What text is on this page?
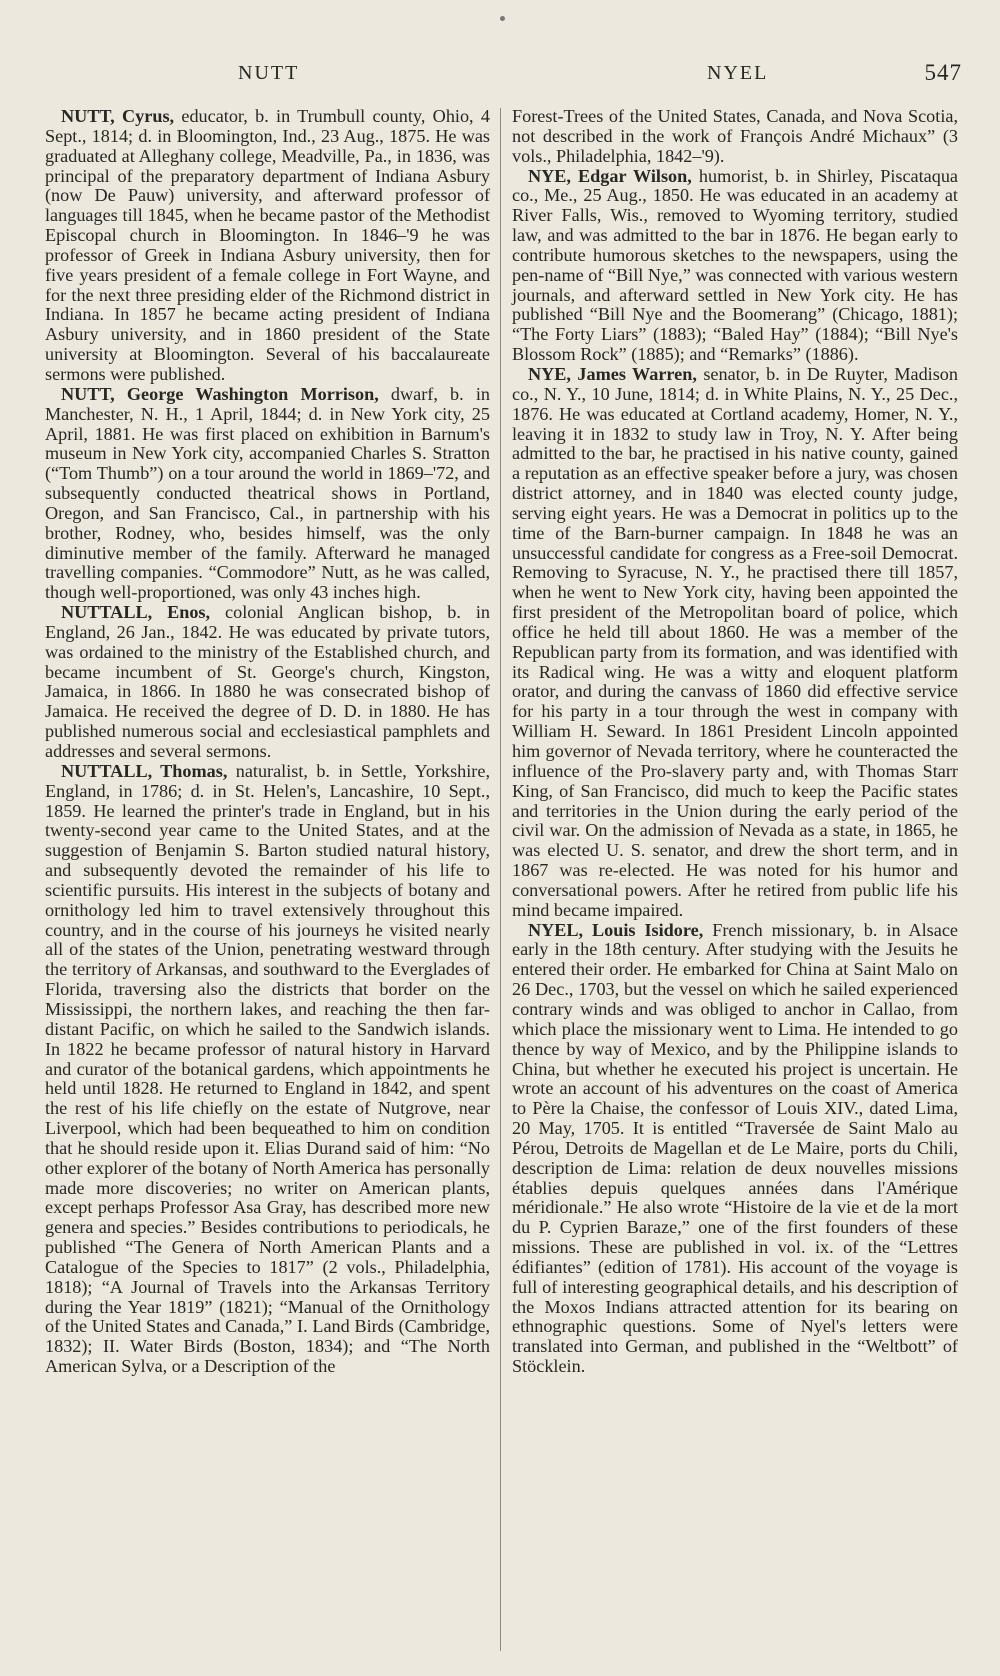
NUTT	NYEL	547

NUTT, Cyrus, educator, b. in Trumbull county, Ohio, 4 Sept., 1814; d. in Bloomington, Ind., 23 Aug., 1875. He was graduated at Alleghany college, Meadville, Pa., in 1836, was principal of the preparatory department of Indiana Asbury (now De Pauw) university, and afterward professor of languages till 1845, when he became pastor of the Methodist Episcopal church in Bloomington. In 1846–'9 he was professor of Greek in Indiana Asbury university, then for five years president of a female college in Fort Wayne, and for the next three presiding elder of the Richmond district in Indiana. In 1857 he became acting president of Indiana Asbury university, and in 1860 president of the State university at Bloomington. Several of his baccalaureate sermons were published.

NUTT, George Washington Morrison, dwarf, b. in Manchester, N. H., 1 April, 1844; d. in New York city, 25 April, 1881. He was first placed on exhibition in Barnum's museum in New York city, accompanied Charles S. Stratton (“Tom Thumb”) on a tour around the world in 1869–'72, and subsequently conducted theatrical shows in Portland, Oregon, and San Francisco, Cal., in partnership with his brother, Rodney, who, besides himself, was the only diminutive member of the family. Afterward he managed travelling companies. “Commodore” Nutt, as he was called, though well-proportioned, was only 43 inches high.

NUTTALL, Enos, colonial Anglican bishop, b. in England, 26 Jan., 1842. He was educated by private tutors, was ordained to the ministry of the Established church, and became incumbent of St. George's church, Kingston, Jamaica, in 1866. In 1880 he was consecrated bishop of Jamaica. He received the degree of D. D. in 1880. He has published numerous social and ecclesiastical pamphlets and addresses and several sermons.

NUTTALL, Thomas, naturalist, b. in Settle, Yorkshire, England, in 1786; d. in St. Helen's, Lancashire, 10 Sept., 1859. He learned the printer's trade in England, but in his twenty-second year came to the United States, and at the suggestion of Benjamin S. Barton studied natural history, and subsequently devoted the remainder of his life to scientific pursuits. His interest in the subjects of botany and ornithology led him to travel extensively throughout this country, and in the course of his journeys he visited nearly all of the states of the Union, penetrating westward through the territory of Arkansas, and southward to the Everglades of Florida, traversing also the districts that border on the Mississippi, the northern lakes, and reaching the then far-distant Pacific, on which he sailed to the Sandwich islands. In 1822 he became professor of natural history in Harvard and curator of the botanical gardens, which appointments he held until 1828. He returned to England in 1842, and spent the rest of his life chiefly on the estate of Nutgrove, near Liverpool, which had been bequeathed to him on condition that he should reside upon it. Elias Durand said of him: “No other explorer of the botany of North America has personally made more discoveries; no writer on American plants, except perhaps Professor Asa Gray, has described more new genera and species.” Besides contributions to periodicals, he published “The Genera of North American Plants and a Catalogue of the Species to 1817” (2 vols., Philadelphia, 1818); “A Journal of Travels into the Arkansas Territory during the Year 1819” (1821); “Manual of the Ornithology of the United States and Canada,” I. Land Birds (Cambridge, 1832); II. Water Birds (Boston, 1834); and “The North American Sylva, or a Description of the

Forest-Trees of the United States, Canada, and Nova Scotia, not described in the work of François André Michaux” (3 vols., Philadelphia, 1842–'9).

NYE, Edgar Wilson, humorist, b. in Shirley, Piscataqua co., Me., 25 Aug., 1850. He was educated in an academy at River Falls, Wis., removed to Wyoming territory, studied law, and was admitted to the bar in 1876. He began early to contribute humorous sketches to the newspapers, using the pen-name of “Bill Nye,” was connected with various western journals, and afterward settled in New York city. He has published “Bill Nye and the Boomerang” (Chicago, 1881); “The Forty Liars” (1883); “Baled Hay” (1884); “Bill Nye's Blossom Rock” (1885); and “Remarks” (1886).

NYE, James Warren, senator, b. in De Ruyter, Madison co., N. Y., 10 June, 1814; d. in White Plains, N. Y., 25 Dec., 1876. He was educated at Cortland academy, Homer, N. Y., leaving it in 1832 to study law in Troy, N. Y. After being admitted to the bar, he practised in his native county, gained a reputation as an effective speaker before a jury, was chosen district attorney, and in 1840 was elected county judge, serving eight years. He was a Democrat in politics up to the time of the Barn-burner campaign. In 1848 he was an unsuccessful candidate for congress as a Free-soil Democrat. Removing to Syracuse, N. Y., he practised there till 1857, when he went to New York city, having been appointed the first president of the Metropolitan board of police, which office he held till about 1860. He was a member of the Republican party from its formation, and was identified with its Radical wing. He was a witty and eloquent platform orator, and during the canvass of 1860 did effective service for his party in a tour through the west in company with William H. Seward. In 1861 President Lincoln appointed him governor of Nevada territory, where he counteracted the influence of the Pro-slavery party and, with Thomas Starr King, of San Francisco, did much to keep the Pacific states and territories in the Union during the early period of the civil war. On the admission of Nevada as a state, in 1865, he was elected U. S. senator, and drew the short term, and in 1867 was re-elected. He was noted for his humor and conversational powers. After he retired from public life his mind became impaired.

NYEL, Louis Isidore, French missionary, b. in Alsace early in the 18th century. After studying with the Jesuits he entered their order. He embarked for China at Saint Malo on 26 Dec., 1703, but the vessel on which he sailed experienced contrary winds and was obliged to anchor in Callao, from which place the missionary went to Lima. He intended to go thence by way of Mexico, and by the Philippine islands to China, but whether he executed his project is uncertain. He wrote an account of his adventures on the coast of America to Père la Chaise, the confessor of Louis XIV., dated Lima, 20 May, 1705. It is entitled “Traversée de Saint Malo au Pérou, Detroits de Magellan et de Le Maire, ports du Chili, description de Lima: relation de deux nouvelles missions établies depuis quelques années dans l'Amérique méridionale.” He also wrote “Histoire de la vie et de la mort du P. Cyprien Baraze,” one of the first founders of these missions. These are published in vol. ix. of the “Lettres édifiantes” (edition of 1781). His account of the voyage is full of interesting geographical details, and his description of the Moxos Indians attracted attention for its bearing on ethnographic questions. Some of Nyel's letters were translated into German, and published in the “Weltbott” of Stöcklein.
